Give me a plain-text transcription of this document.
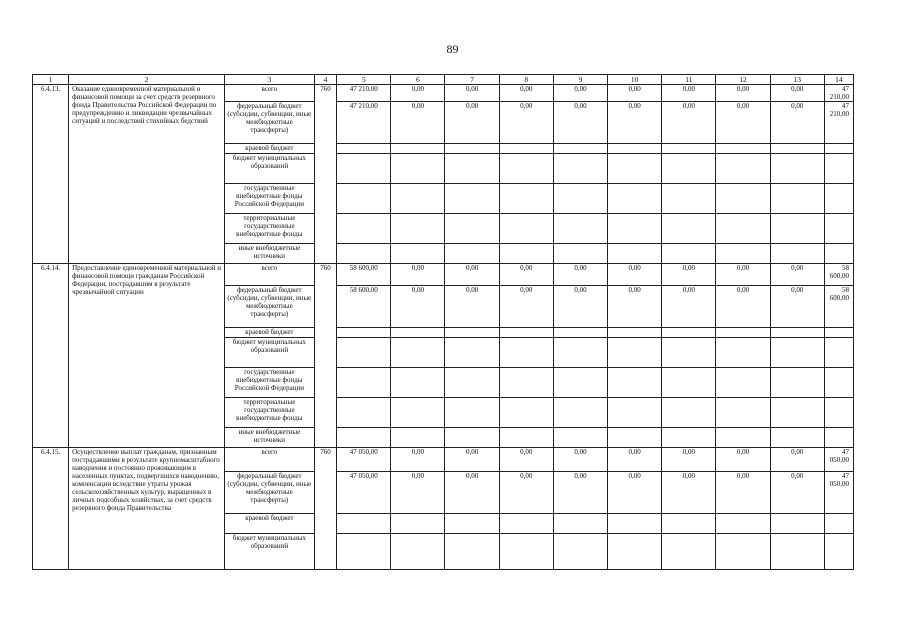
89
1	2	3	4	5	6	7	8	9	10	11	12	13	14
6.4.13.	Оказание единовременной материальной и финансовой помощи за счет средств резервного фонда Правительства Российской Федерации по предупреждению и ликвидации чрезвычайных ситуаций и последствий стихийных бедствий	всего	760	47 210,00	0,00	0,00	0,00	0,00	0,00	0,00	0,00	0,00	47 210,00
		федеральный бюджет (субсидии, субвенции, иные межбюджетные трансферты)		47 210,00	0,00	0,00	0,00	0,00	0,00	0,00	0,00	0,00	47 210,00
		краевой бюджет											
		бюджет муниципальных образований											
		государственные внебюджетные фонды Российской Федерации											
		территориальные государственные внебюджетные фонды											
		иные внебюджетные источники											
6.4.14.	Предоставление единовременной материальной и финансовой помощи гражданам Российской Федерации, пострадавшим в результате чрезвычайной ситуации	всего	760	58 600,00	0,00	0,00	0,00	0,00	0,00	0,00	0,00	0,00	58 600,00
		федеральный бюджет (субсидии, субвенции, иные межбюджетные трансферты)		58 600,00	0,00	0,00	0,00	0,00	0,00	0,00	0,00	0,00	58 600,00
		краевой бюджет											
		бюджет муниципальных образований											
		государственные внебюджетные фонды Российской Федерации											
		территориальные государственные внебюджетные фонды											
		иные внебюджетные источники											
6.4.15.	Осуществление выплат гражданам, признанным пострадавшими в результате крупномасштабного наводнения и постоянно проживающим в населенных пунктах, подвергшихся наводнению, компенсации вследствие утраты урожая сельскохозяйственных культур, выращенных в личных подсобных хозяйствах, за счет средств резервного фонда Правительства	всего	760	47 050,00	0,00	0,00	0,00	0,00	0,00	0,00	0,00	0,00	47 050,00
		федеральный бюджет (субсидии, субвенции, иные межбюджетные трансферты)		47 050,00	0,00	0,00	0,00	0,00	0,00	0,00	0,00	0,00	47 050,00
		краевой бюджет											
		бюджет муниципальных образований											
